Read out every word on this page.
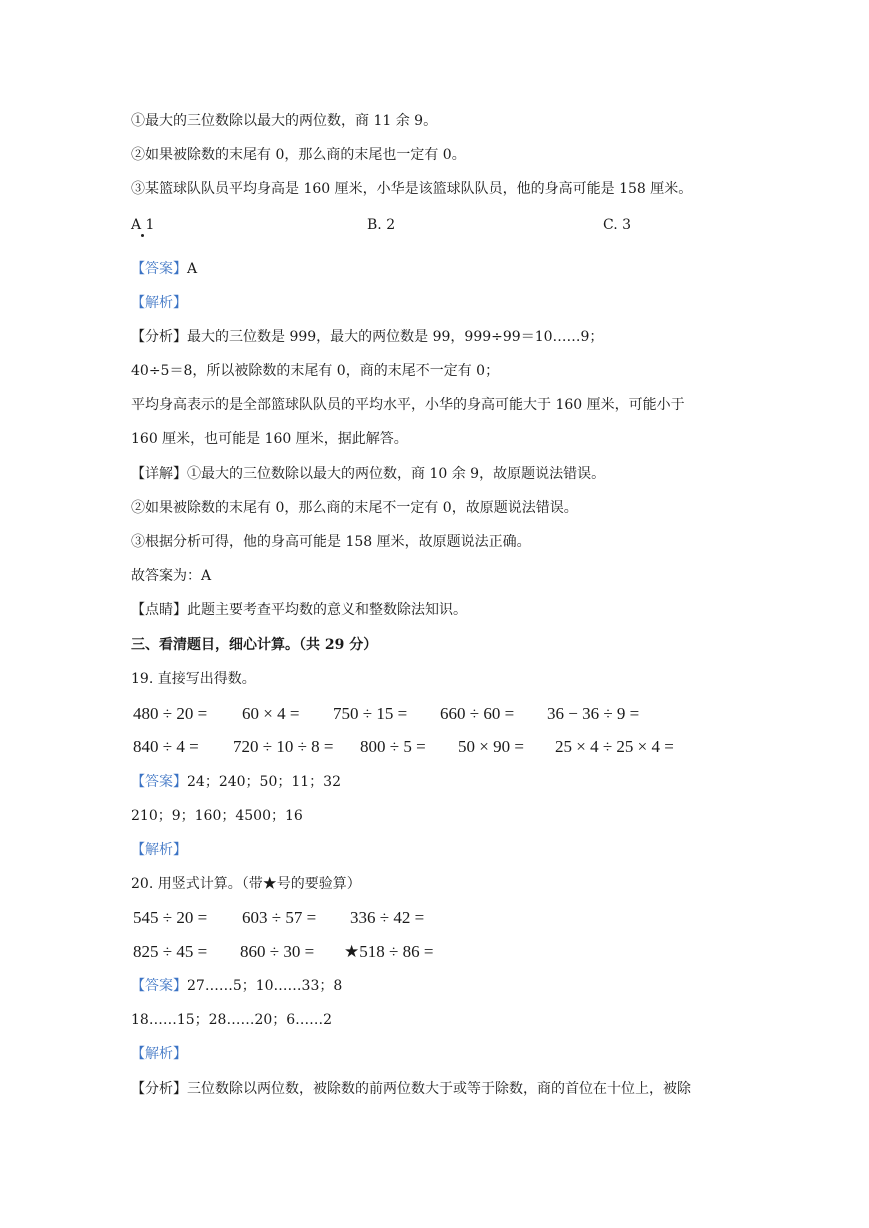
①最大的三位数除以最大的两位数，商 11 余 9。
②如果被除数的末尾有 0，那么商的末尾也一定有 0。
③某篮球队队员平均身高是 160 厘米，小华是该篮球队队员，他的身高可能是 158 厘米。
A 1	B. 2	C. 3
【答案】A
【解析】
【分析】最大的三位数是 999，最大的两位数是 99，999÷99＝10……9；
40÷5＝8，所以被除数的末尾有 0，商的末尾不一定有 0；
平均身高表示的是全部篮球队队员的平均水平，小华的身高可能大于 160 厘米，可能小于
160 厘米，也可能是 160 厘米，据此解答。
【详解】①最大的三位数除以最大的两位数，商 10 余 9，故原题说法错误。
②如果被除数的末尾有 0，那么商的末尾不一定有 0，故原题说法错误。
③根据分析可得，他的身高可能是 158 厘米，故原题说法正确。
故答案为：A
【点睛】此题主要考查平均数的意义和整数除法知识。
三、看清题目，细心计算。（共 29 分）
19. 直接写出得数。
480 ÷ 20 = 60 × 4 = 750 ÷ 15 = 660 ÷ 60 = 36 − 36 ÷ 9 =
840 ÷ 4 = 720 ÷ 10 ÷ 8 = 800 ÷ 5 = 50 × 90 = 25 × 4 ÷ 25 × 4 =
【答案】24；240；50；11；32
210；9；160；4500；16
【解析】
20. 用竖式计算。（带★号的要验算）
545 ÷ 20 = 603 ÷ 57 = 336 ÷ 42 =
825 ÷ 45 = 860 ÷ 30 = ★518 ÷ 86 =
【答案】27……5；10……33；8
18……15；28……20；6……2
【解析】
【分析】三位数除以两位数，被除数的前两位数大于或等于除数，商的首位在十位上，被除
